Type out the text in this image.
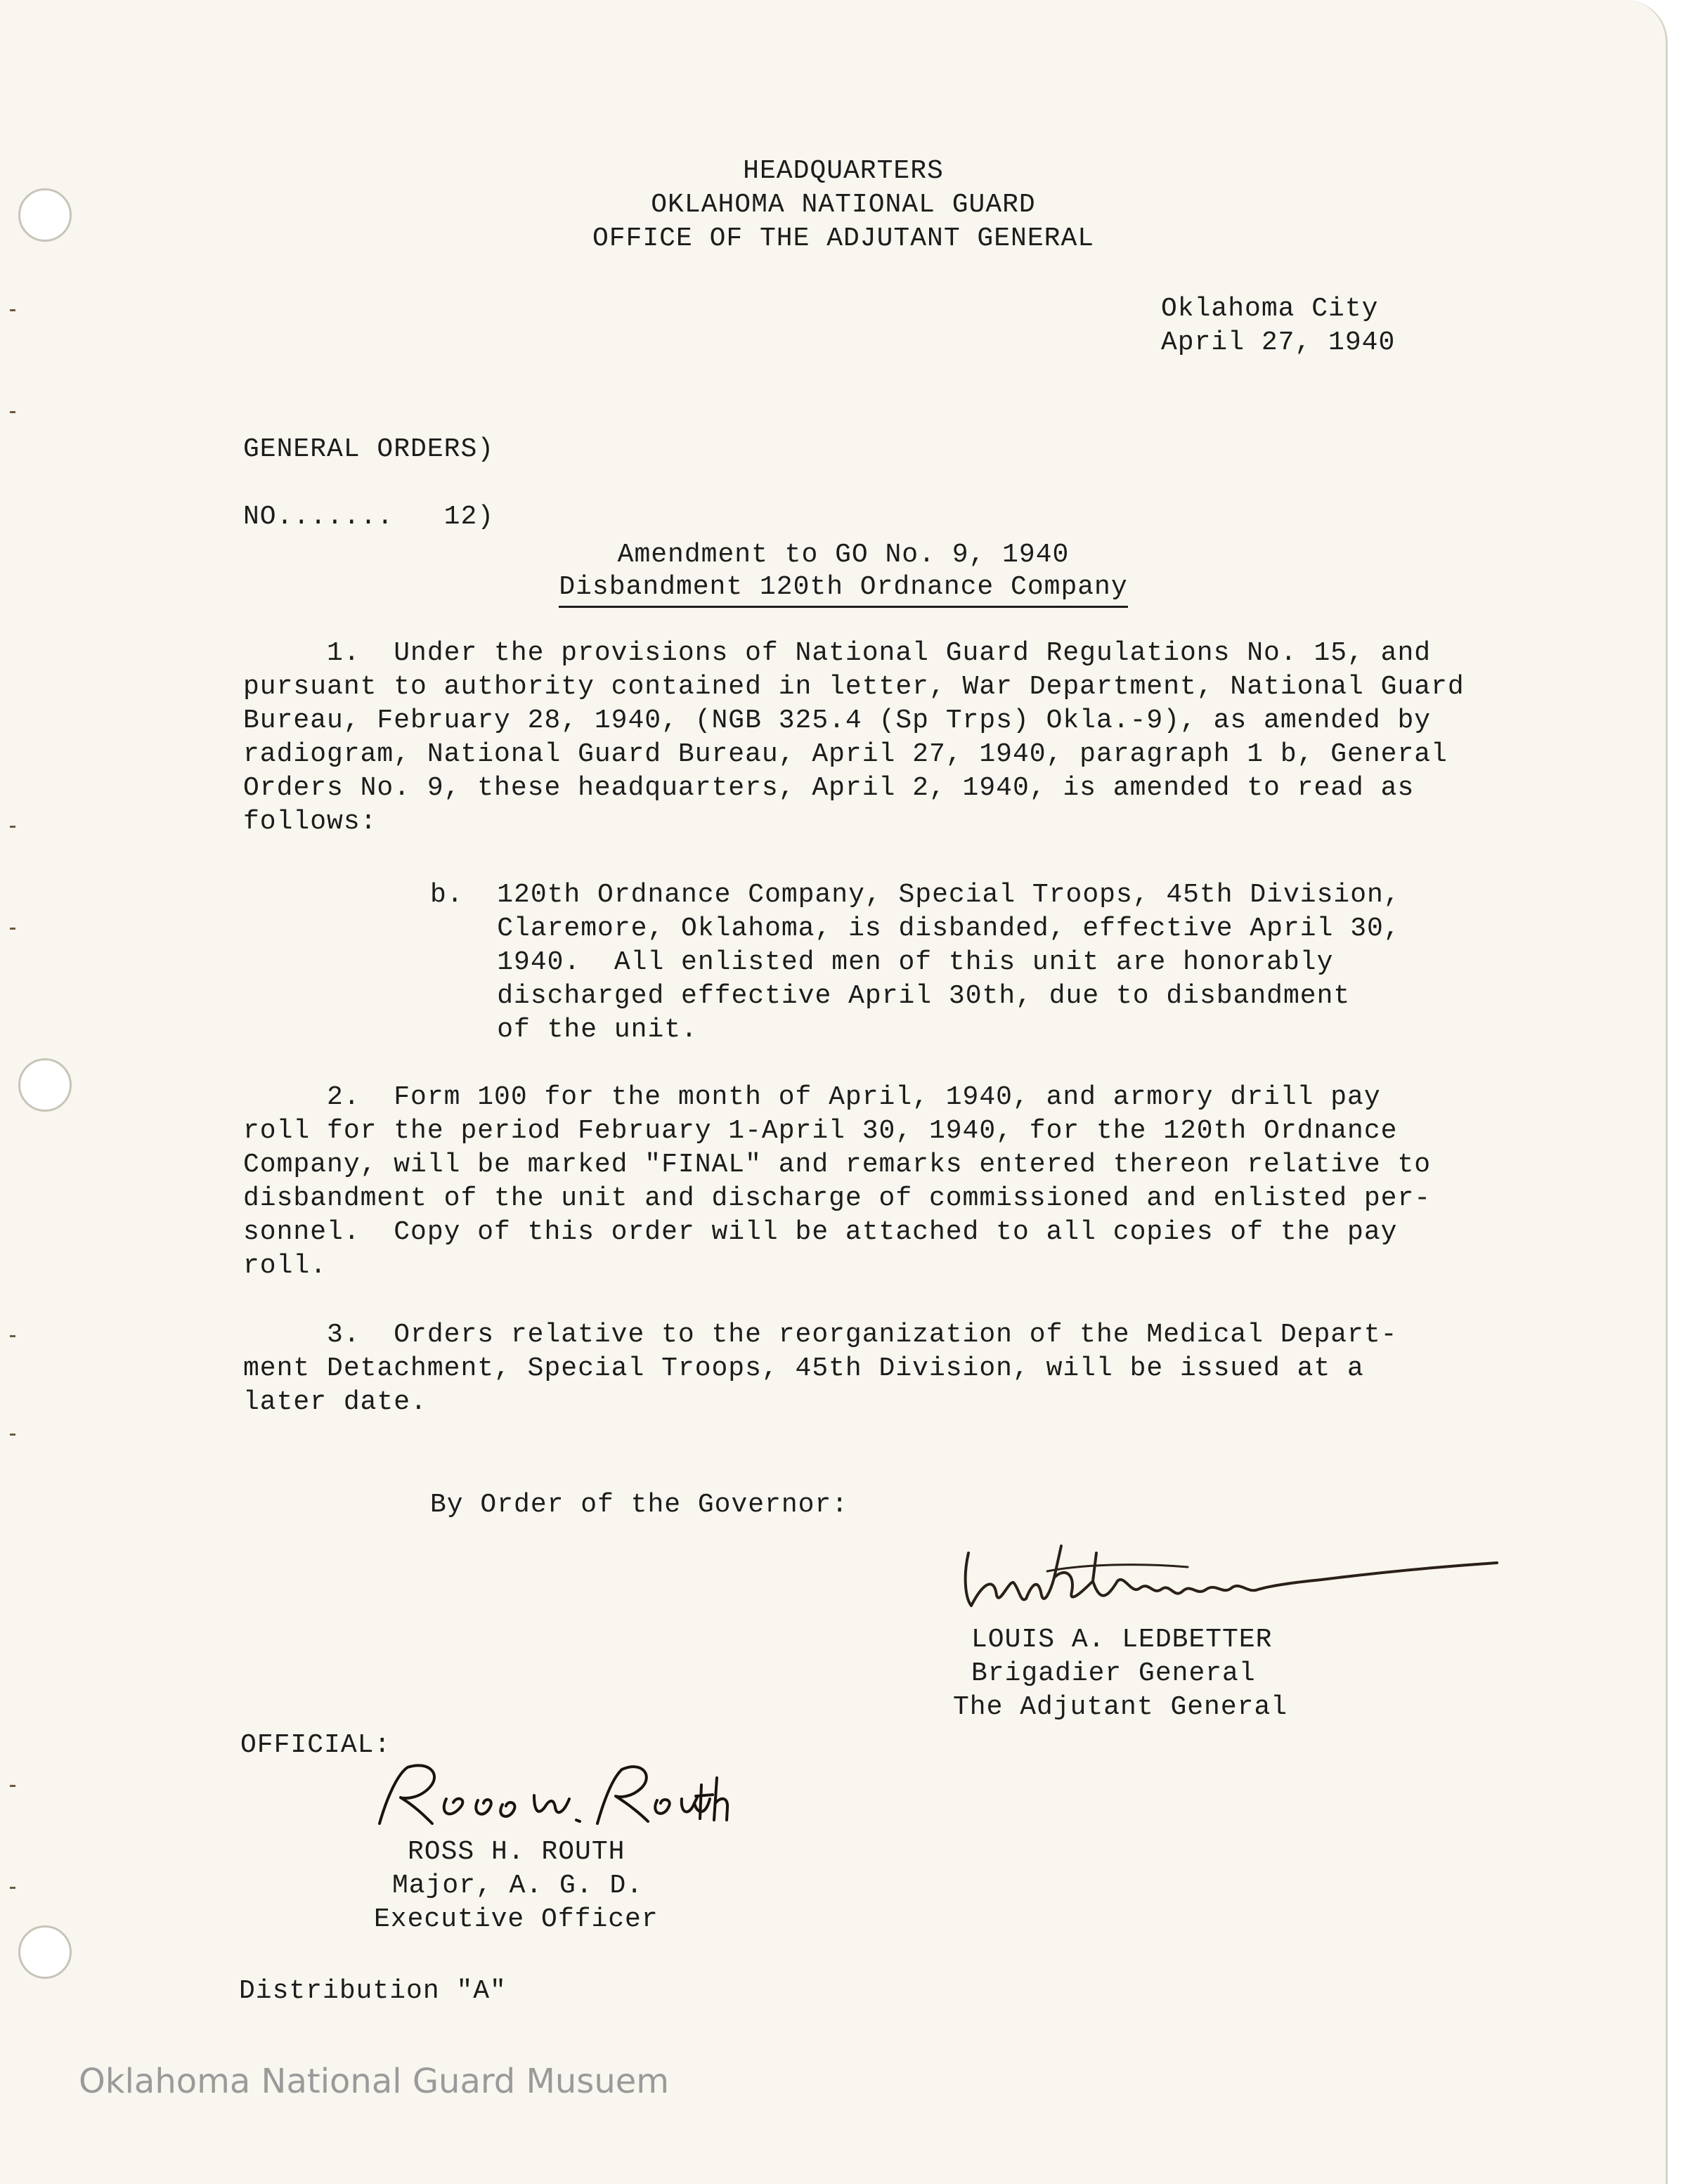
HEADQUARTERS
OKLAHOMA NATIONAL GUARD
OFFICE OF THE ADJUTANT GENERAL
Oklahoma City
April 27, 1940
GENERAL ORDERS)
NO.......   12)
Amendment to GO No. 9, 1940
Disbandment 120th Ordnance Company
1.  Under the provisions of National Guard Regulations No. 15, and
pursuant to authority contained in letter, War Department, National Guard
Bureau, February 28, 1940, (NGB 325.4 (Sp Trps) Okla.-9), as amended by
radiogram, National Guard Bureau, April 27, 1940, paragraph 1 b, General
Orders No. 9, these headquarters, April 2, 1940, is amended to read as
follows:
b.  120th Ordnance Company, Special Troops, 45th Division,
Claremore, Oklahoma, is disbanded, effective April 30,
1940.  All enlisted men of this unit are honorably
discharged effective April 30th, due to disbandment
of the unit.
2.  Form 100 for the month of April, 1940, and armory drill pay
roll for the period February 1-April 30, 1940, for the 120th Ordnance
Company, will be marked "FINAL" and remarks entered thereon relative to
disbandment of the unit and discharge of commissioned and enlisted per-
sonnel.  Copy of this order will be attached to all copies of the pay
roll.
3.  Orders relative to the reorganization of the Medical Depart-
ment Detachment, Special Troops, 45th Division, will be issued at a
later date.
By Order of the Governor:
LOUIS A. LEDBETTER
Brigadier General
The Adjutant General
OFFICIAL:
ROSS H. ROUTH
Major, A. G. D.
Executive Officer
Distribution "A"
Oklahoma National Guard Musuem
